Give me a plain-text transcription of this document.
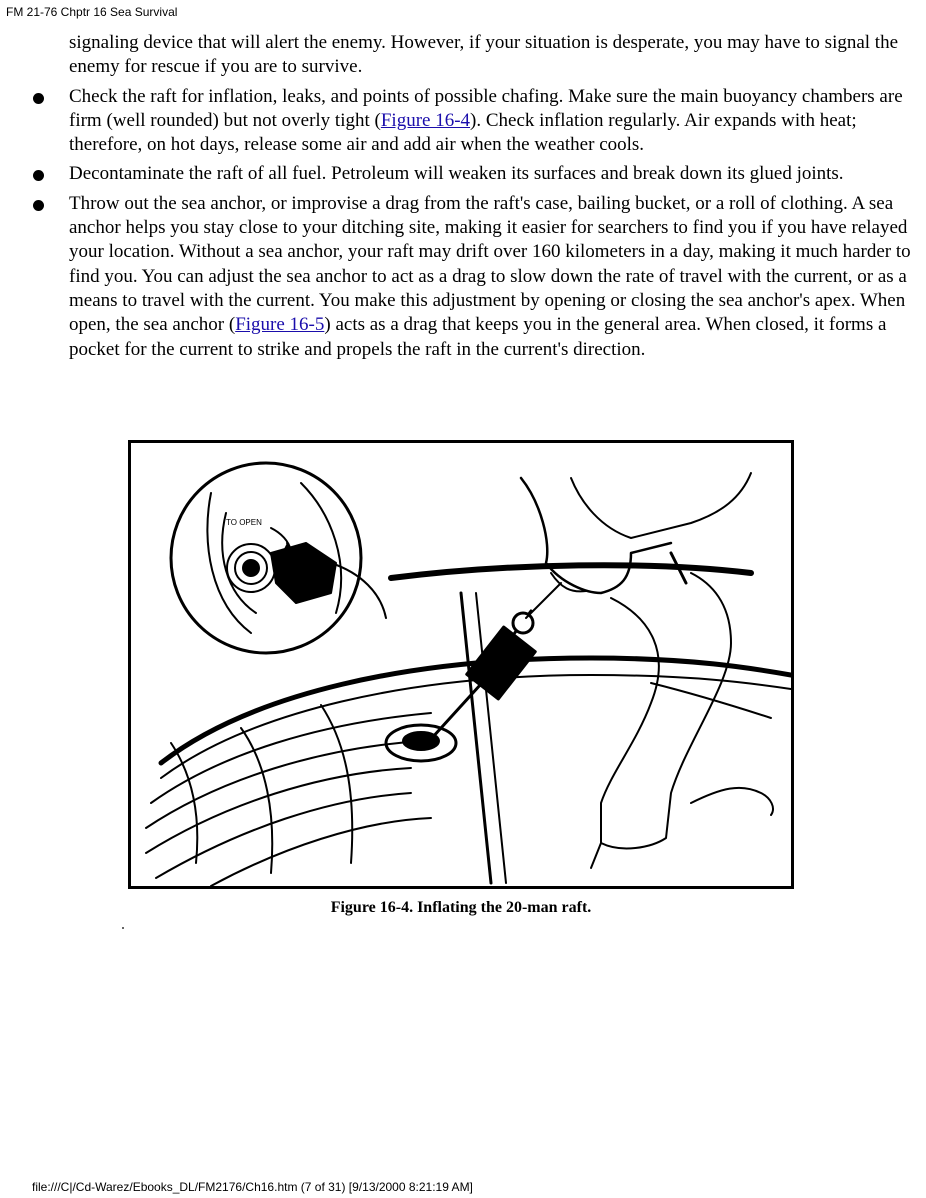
FM 21-76 Chptr 16 Sea Survival

signaling device that will alert the enemy. However, if your situation is desperate, you may have to signal the enemy for rescue if you are to survive.

Check the raft for inflation, leaks, and points of possible chafing. Make sure the main buoyancy chambers are firm (well rounded) but not overly tight (Figure 16-4). Check inflation regularly. Air expands with heat; therefore, on hot days, release some air and add air when the weather cools.
Decontaminate the raft of all fuel. Petroleum will weaken its surfaces and break down its glued joints.
Throw out the sea anchor, or improvise a drag from the raft's case, bailing bucket, or a roll of clothing. A sea anchor helps you stay close to your ditching site, making it easier for searchers to find you if you have relayed your location. Without a sea anchor, your raft may drift over 160 kilometers in a day, making it much harder to find you. You can adjust the sea anchor to act as a drag to slow down the rate of travel with the current, or as a means to travel with the current. You make this adjustment by opening or closing the sea anchor's apex. When open, the sea anchor (Figure 16-5) acts as a drag that keeps you in the general area. When closed, it forms a pocket for the current to strike and propels the raft in the current's direction.
TO OPEN
Figure 16-4. Inflating the 20-man raft.
file:///C|/Cd-Warez/Ebooks_DL/FM2176/Ch16.htm (7 of 31) [9/13/2000 8:21:19 AM]
